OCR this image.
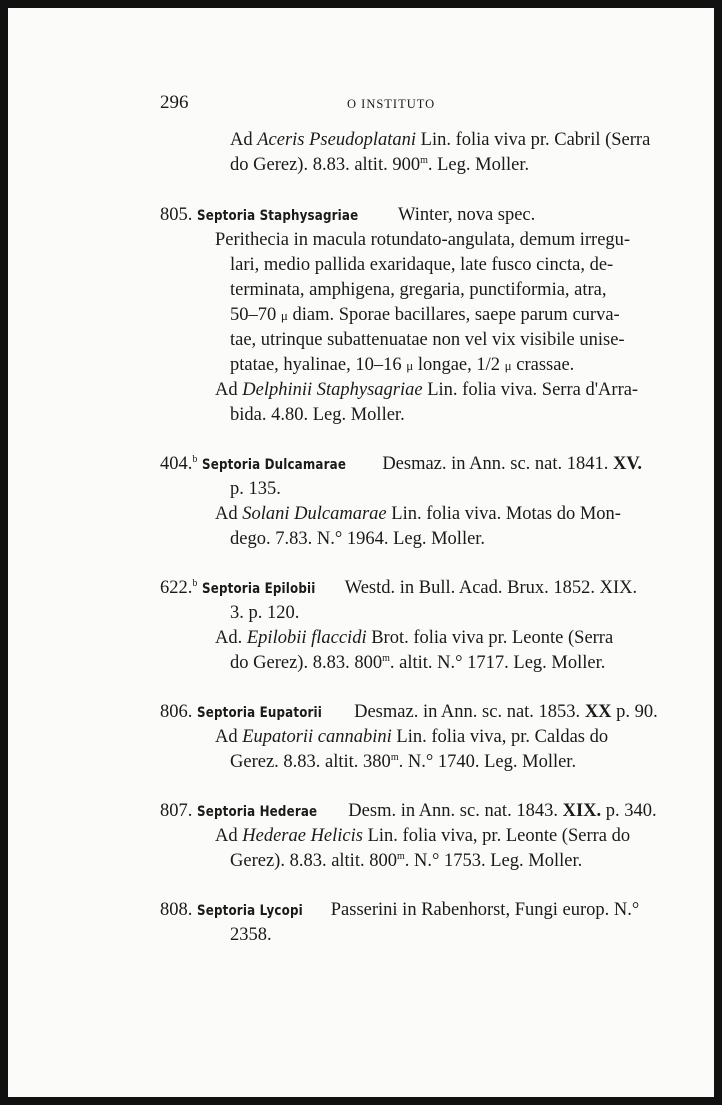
296	O INSTITUTO
Ad Aceris Pseudoplatani Lin. folia viva pr. Cabril (Serra
do Gerez). 8.83. altit. 900$^m$. Leg. Moller.
805. Septoria Staphysagriae Winter, nova spec.
Perithecia in macula rotundato-angulata, demum irregu-
lari, medio pallida exaridaque, late fusco cincta, de-
terminata, amphigena, gregaria, punctiformia, atra,
50–70 μ diam. Sporae bacillares, saepe parum curva-
tae, utrinque subattenuatae non vel vix visibile unise-
ptatae, hyalinae, 10–16 μ longae, 1/2 μ crassae.
Ad Delphinii Staphysagriae Lin. folia viva. Serra d'Arra-
bida. 4.80. Leg. Moller.
404.$^b$ Septoria Dulcamarae Desmaz. in Ann. sc. nat. 1841. XV.
p. 135.
Ad Solani Dulcamarae Lin. folia viva. Motas do Mon-
dego. 7.83. N.° 1964. Leg. Moller.
622.$^b$ Septoria Epilobii Westd. in Bull. Acad. Brux. 1852. XIX.
3. p. 120.
Ad. Epilobii flaccidi Brot. folia viva pr. Leonte (Serra
do Gerez). 8.83. 800$^m$. altit. N.° 1717. Leg. Moller.
806. Septoria Eupatorii Desmaz. in Ann. sc. nat. 1853. XX p. 90.
Ad Eupatorii cannabini Lin. folia viva, pr. Caldas do
Gerez. 8.83. altit. 380$^m$. N.° 1740. Leg. Moller.
807. Septoria Hederae Desm. in Ann. sc. nat. 1843. XIX. p. 340.
Ad Hederae Helicis Lin. folia viva, pr. Leonte (Serra do
Gerez). 8.83. altit. 800$^m$. N.° 1753. Leg. Moller.
808. Septoria Lycopi Passerini in Rabenhorst, Fungi europ. N.°
2358.
